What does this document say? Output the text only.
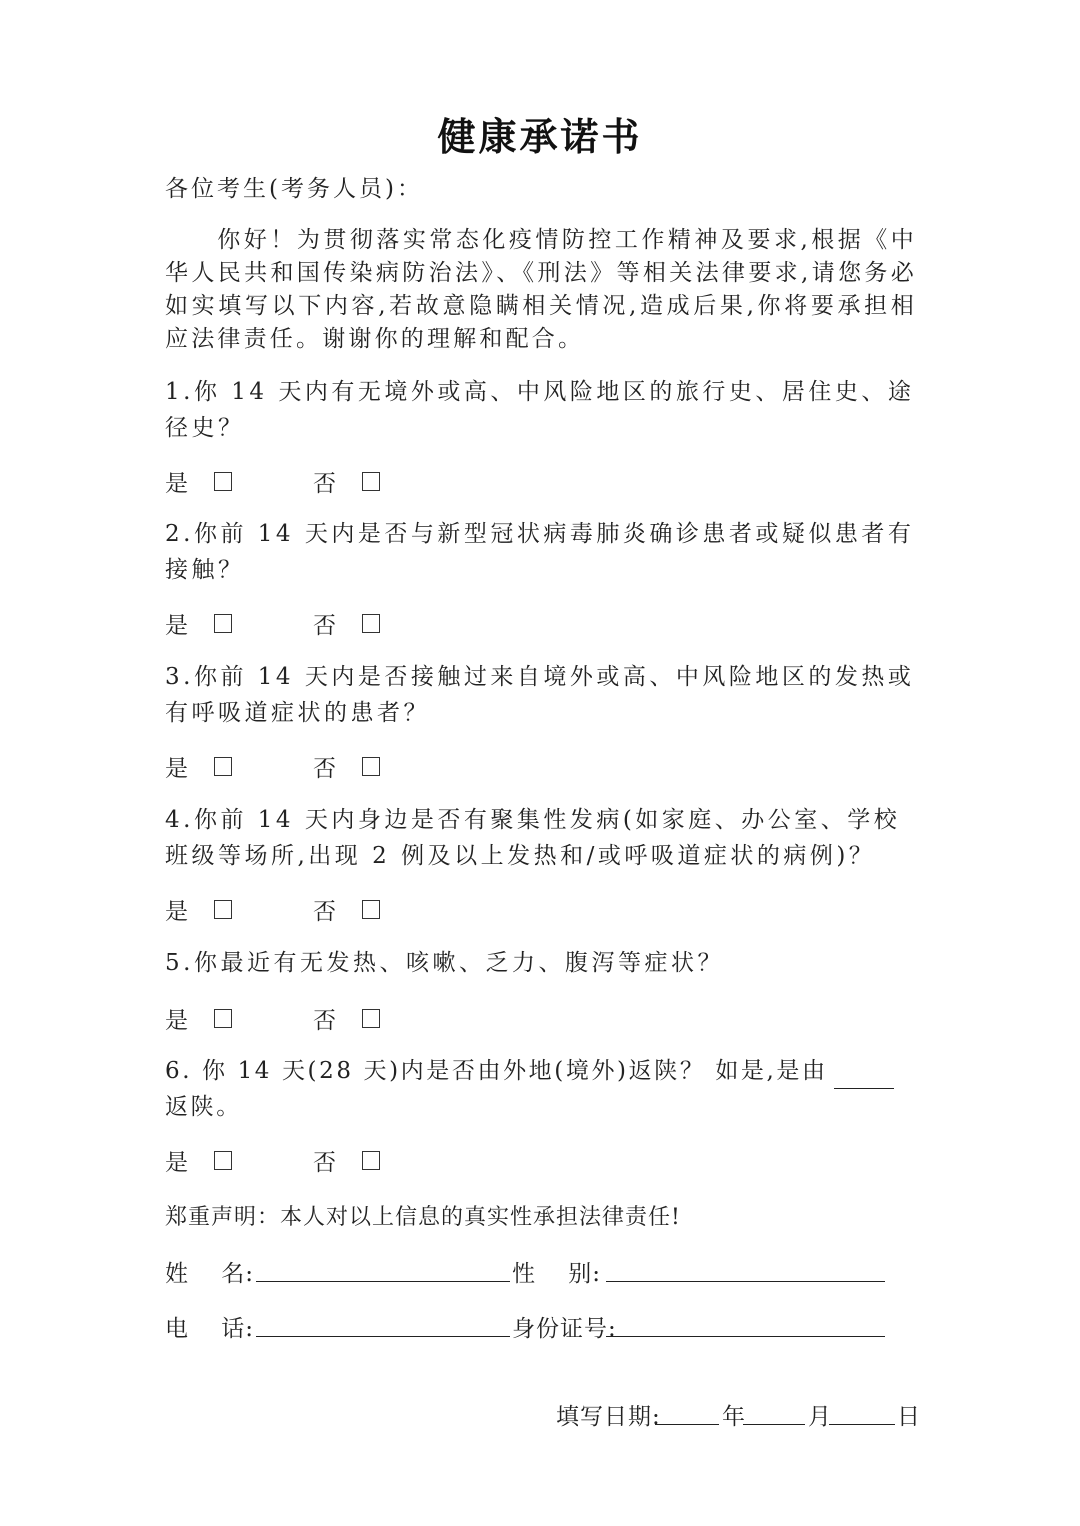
健康承诺书
各位考生(考务人员)：
你好！为贯彻落实常态化疫情防控工作精神及要求,根据《中华人民共和国传染病防治法》、《刑法》等相关法律要求,请您务必如实填写以下内容,若故意隐瞒相关情况,造成后果,你将要承担相应法律责任。谢谢你的理解和配合。
1.你 14 天内有无境外或高、中风险地区的旅行史、居住史、途径史？
是	否
2.你前 14 天内是否与新型冠状病毒肺炎确诊患者或疑似患者有接触？
是	否
3.你前 14 天内是否接触过来自境外或高、中风险地区的发热或有呼吸道症状的患者？
是	否
4.你前 14 天内身边是否有聚集性发病(如家庭、办公室、学校班级等场所,出现 2 例及以上发热和/或呼吸道症状的病例)？
是	否
5.你最近有无发热、咳嗽、乏力、腹泻等症状？
是	否
6. 你 14 天(28 天)内是否由外地(境外)返陕？ 如是,是由返陕。
是	否
郑重声明：本人对以上信息的真实性承担法律责任!
姓　 名:	性　 别:
电　 话:	身份证号:
填写日期:	年	月	日
